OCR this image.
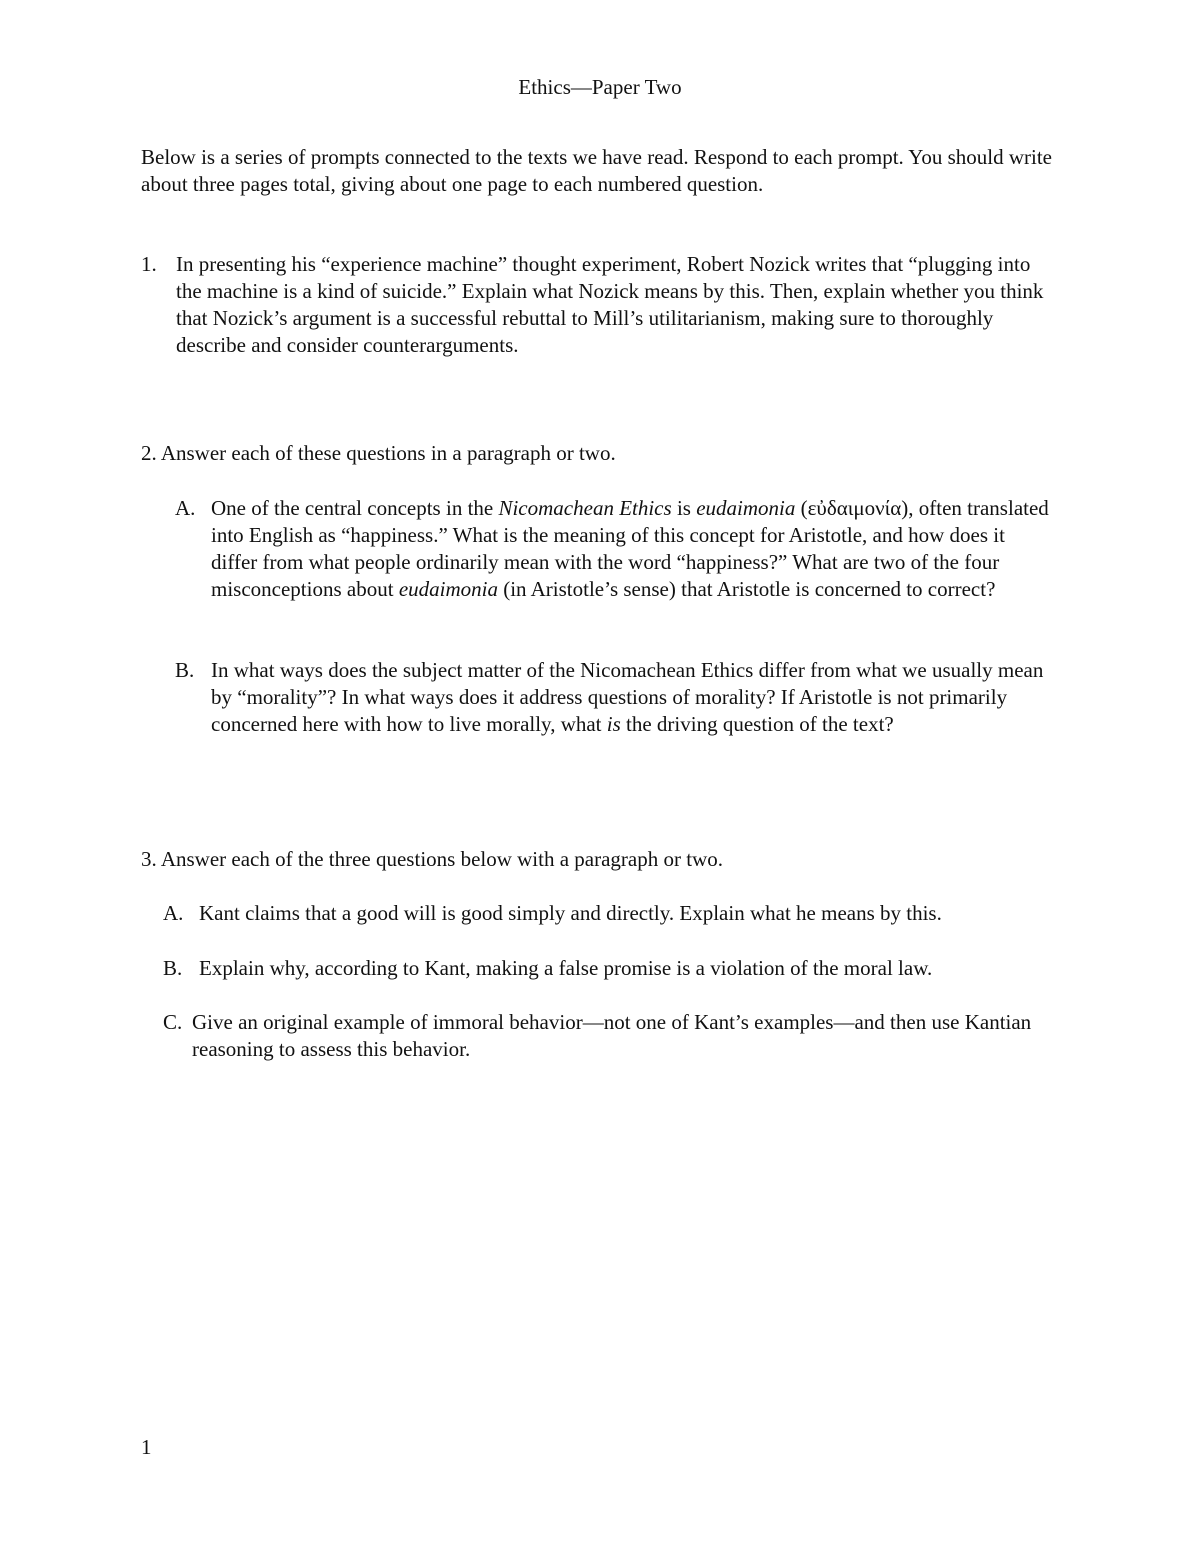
Ethics—Paper Two
Below is a series of prompts connected to the texts we have read. Respond to each prompt. You should write about three pages total, giving about one page to each numbered question.
1. In presenting his “experience machine” thought experiment, Robert Nozick writes that “plugging into the machine is a kind of suicide.” Explain what Nozick means by this. Then, explain whether you think that Nozick’s argument is a successful rebuttal to Mill’s utilitarianism, making sure to thoroughly describe and consider counterarguments.
2. Answer each of these questions in a paragraph or two.
A. One of the central concepts in the Nicomachean Ethics is eudaimonia (εὐδαιμονία), often translated into English as “happiness.” What is the meaning of this concept for Aristotle, and how does it differ from what people ordinarily mean with the word “happiness?” What are two of the four misconceptions about eudaimonia (in Aristotle’s sense) that Aristotle is concerned to correct?
B. In what ways does the subject matter of the Nicomachean Ethics differ from what we usually mean by “morality”? In what ways does it address questions of morality? If Aristotle is not primarily concerned here with how to live morally, what is the driving question of the text?
3. Answer each of the three questions below with a paragraph or two.
A. Kant claims that a good will is good simply and directly. Explain what he means by this.
B. Explain why, according to Kant, making a false promise is a violation of the moral law.
C. Give an original example of immoral behavior—not one of Kant’s examples—and then use Kantian reasoning to assess this behavior.
1
